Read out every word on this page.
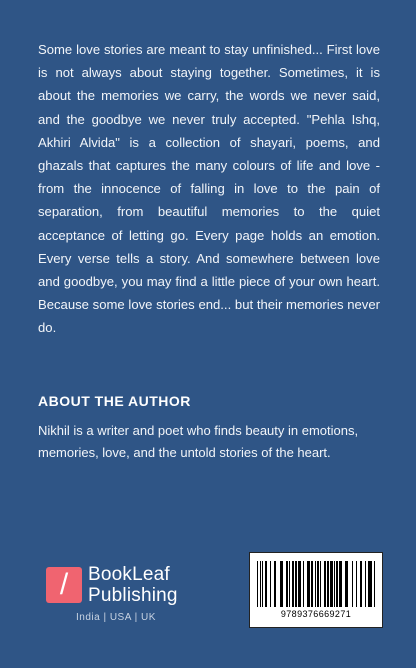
Some love stories are meant to stay unfinished... First love is not always about staying together. Sometimes, it is about the memories we carry, the words we never said, and the goodbye we never truly accepted. "Pehla Ishq, Akhiri Alvida" is a collection of shayari, poems, and ghazals that captures the many colours of life and love - from the innocence of falling in love to the pain of separation, from beautiful memories to the quiet acceptance of letting go. Every page holds an emotion. Every verse tells a story. And somewhere between love and goodbye, you may find a little piece of your own heart. Because some love stories end... but their memories never do.
ABOUT THE AUTHOR
Nikhil is a writer and poet who finds beauty in emotions, memories, love, and the untold stories of the heart.
/	BookLeaf
Publishing
India | USA | UK	9789376669271
